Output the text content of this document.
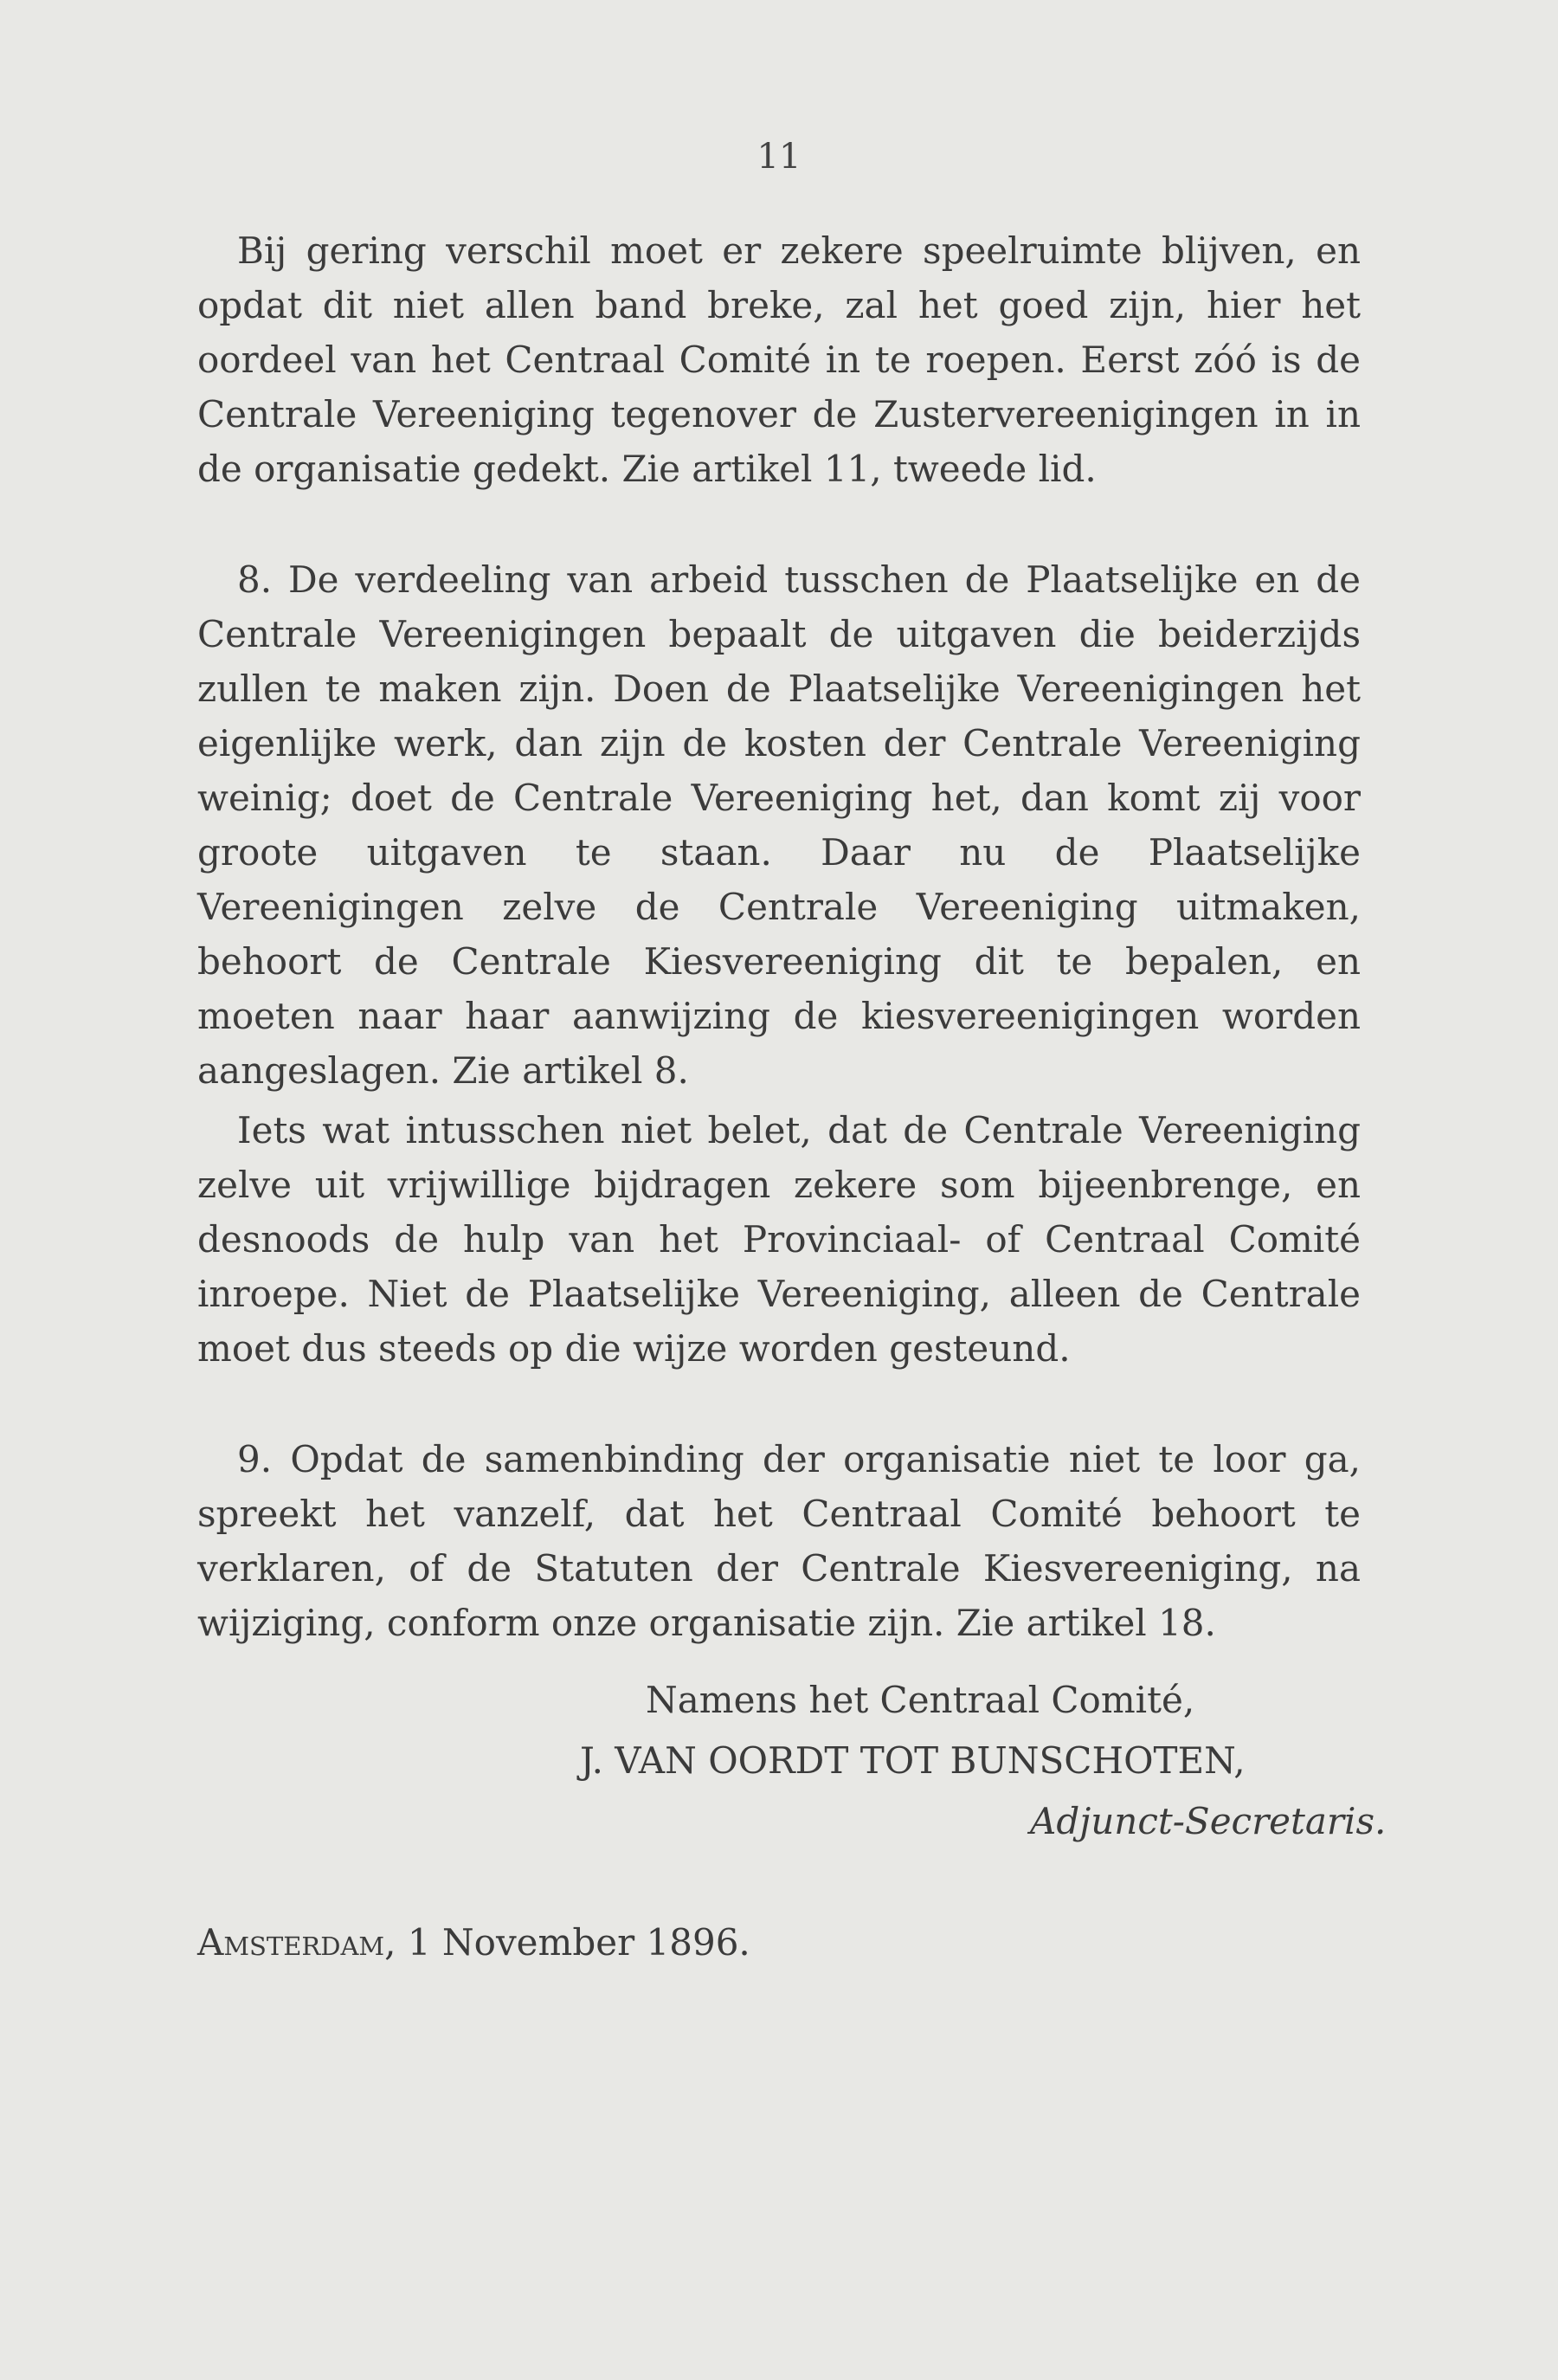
11

Bij gering verschil moet er zekere speelruimte blijven, en opdat dit niet allen band breke, zal het goed zijn, hier het oordeel van het Centraal Comité in te roepen. Eerst zóó is de Centrale Vereeniging tegenover de Zustervereenigingen in in de organisatie gedekt. Zie artikel 11, tweede lid.

8. De verdeeling van arbeid tusschen de Plaatselijke en de Centrale Vereenigingen bepaalt de uitgaven die beiderzijds zullen te maken zijn. Doen de Plaatselijke Vereenigingen het eigenlijke werk, dan zijn de kosten der Centrale Vereeniging weinig; doet de Centrale Vereeniging het, dan komt zij voor groote uitgaven te staan. Daar nu de Plaatselijke Vereenigingen zelve de Centrale Vereeniging uitmaken, behoort de Centrale Kiesvereeniging dit te bepalen, en moeten naar haar aanwijzing de kiesvereenigingen worden aangeslagen. Zie artikel 8.

Iets wat intusschen niet belet, dat de Centrale Vereeniging zelve uit vrijwillige bijdragen zekere som bijeenbrenge, en desnoods de hulp van het Provinciaal- of Centraal Comité inroepe. Niet de Plaatselijke Vereeniging, alleen de Centrale moet dus steeds op die wijze worden gesteund.

9. Opdat de samenbinding der organisatie niet te loor ga, spreekt het vanzelf, dat het Centraal Comité behoort te verklaren, of de Statuten der Centrale Kiesvereeniging, na wijziging, conform onze organisatie zijn. Zie artikel 18.

Namens het Centraal Comité,
J. VAN OORDT TOT BUNSCHOTEN,
Adjunct-Secretaris.
Amsterdam, 1 November 1896.
